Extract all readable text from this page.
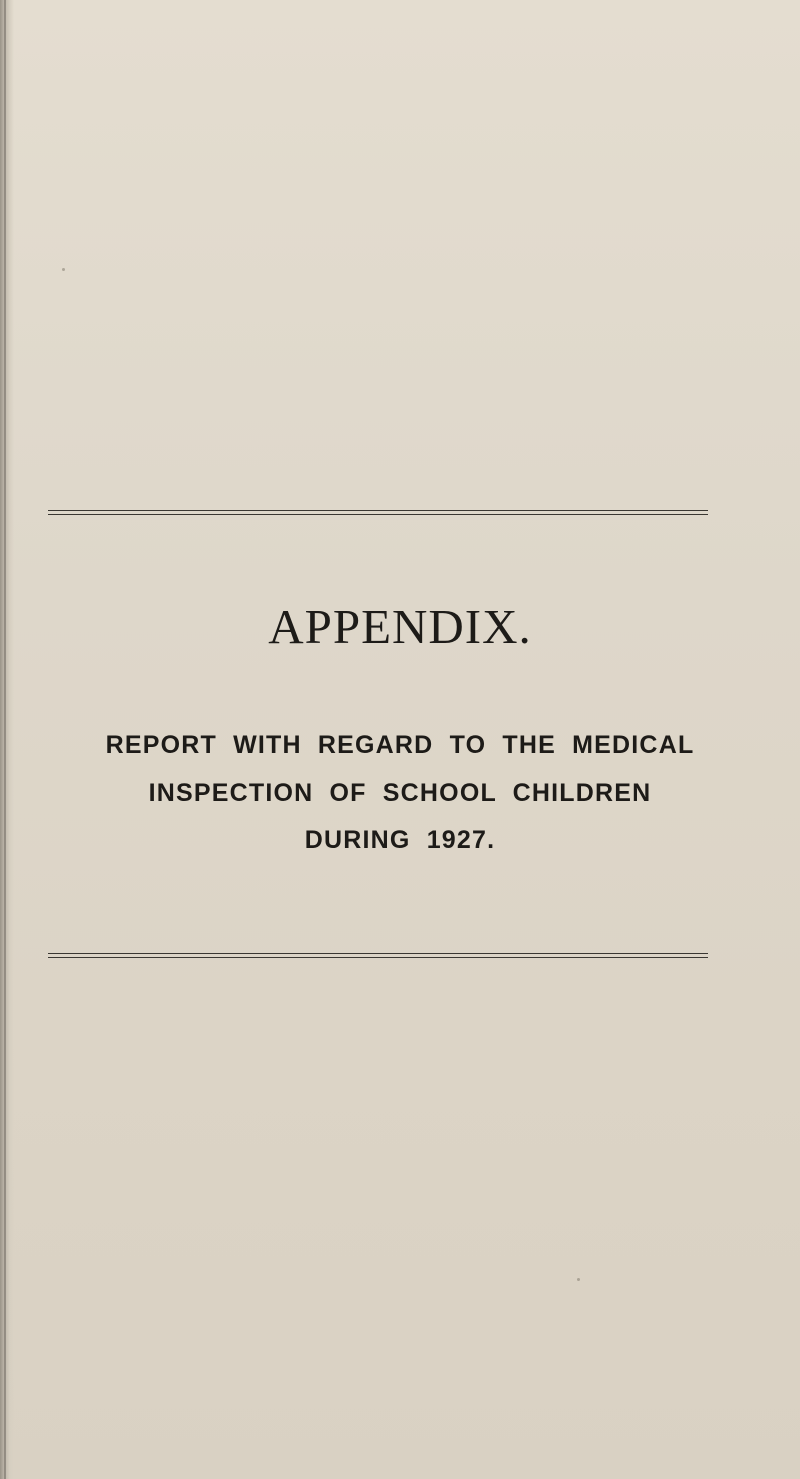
APPENDIX.

REPORT WITH REGARD TO THE MEDICAL

INSPECTION OF SCHOOL CHILDREN

DURING 1927.
